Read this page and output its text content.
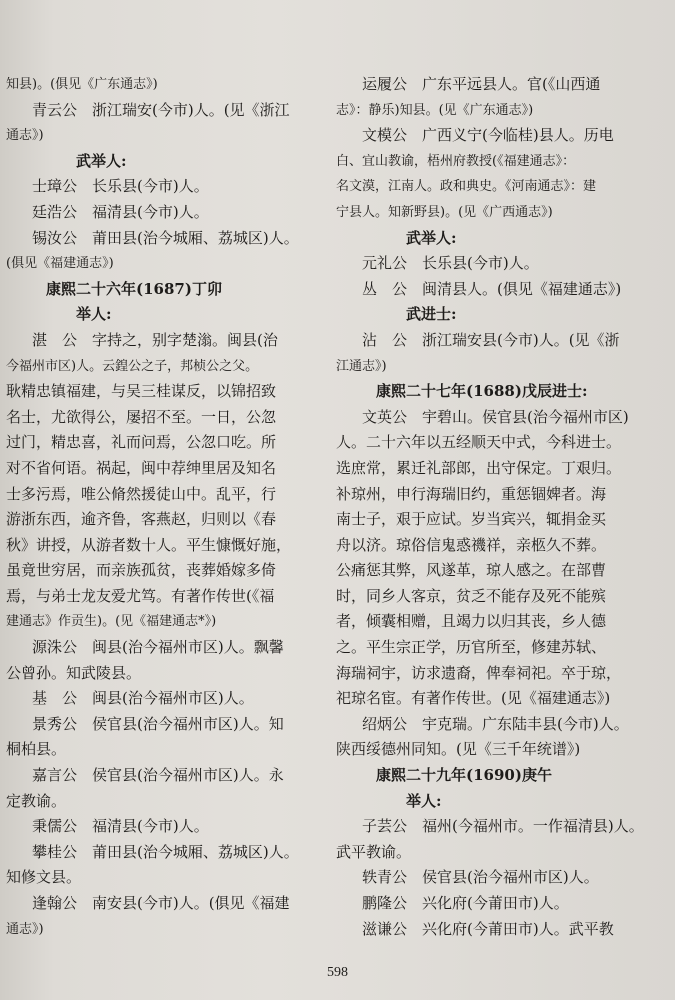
知县)。(俱见《广东通志》)
青云公　浙江瑞安(今市)人。(见《浙江
通志》)
武举人:
士璋公　长乐县(今市)人。
廷浩公　福清县(今市)人。
锡汝公　莆田县(治今城厢、荔城区)人。
(俱见《福建通志》)
康熙二十六年(1687)丁卯
举人:
湛　公　字持之，别字楚滃。闽县(治
今福州市区)人。云鍠公之子，邦桢公之父。
耿精忠镇福建，与吴三桂谋反，以锦招致
名士，尤欲得公，屡招不至。一日，公忽
过门，精忠喜，礼而问焉，公忽口吃。所
对不省何语。祸起，闽中荐绅里居及知名
士多污焉，唯公脩然援徒山中。乱平，行
游浙东西，逾齐鲁，客燕赵，归则以《春
秋》讲授，从游者数十人。平生慷慨好施，
虽竟世穷居，而亲族孤贫，丧葬婚嫁多倚
焉，与弟士龙友爱尤笃。有著作传世(《福
建通志》作贡生)。(见《福建通志*》)
源洙公　闽县(治今福州市区)人。飘馨
公曾孙。知武陵县。
基　公　闽县(治今福州市区)人。
景秀公　侯官县(治今福州市区)人。知
桐柏县。
嘉言公　侯官县(治今福州市区)人。永
定教谕。
秉儒公　福清县(今市)人。
攀桂公　莆田县(治今城厢、荔城区)人。
知修文县。
逢翰公　南安县(今市)人。(俱见《福建
通志》)
运履公　广东平远县人。官(《山西通
志》：静乐)知县。(见《广东通志》)
文模公　广西义宁(今临桂)县人。历电
白、宜山教谕，梧州府教授(《福建通志》：
名文漠，江南人。政和典史。《河南通志》：建
宁县人。知新野县)。(见《广西通志》)
武举人:
元礼公　长乐县(今市)人。
丛　公　闽清县人。(俱见《福建通志》)
武进士:
沾　公　浙江瑞安县(今市)人。(见《浙
江通志》)
康熙二十七年(1688)戊辰进士:
文英公　宇碧山。侯官县(治今福州市区)
人。二十六年以五经顺天中式，今科进士。
选庶常，累迁礼部郎，出守保定。丁艰归。
补琼州，申行海瑞旧约，重惩锢婢者。海
南士子，艰于应试。岁当宾兴，辄捐金买
舟以济。琼俗信鬼惑禨祥，亲柩久不葬。
公痛惩其弊，风遂革，琼人感之。在部曹
时，同乡人客京，贫乏不能存及死不能殡
者，倾囊相赠，且竭力以归其丧，乡人德
之。平生宗正学，历官所至，修建苏轼、
海瑞祠宇，访求遗裔，俾奉祠祀。卒于琼，
祀琼名宦。有著作传世。(见《福建通志》)
绍炳公　宇克瑞。广东陆丰县(今市)人。
陕西绥德州同知。(见《三千年统谱》)
康熙二十九年(1690)庚午
举人:
子芸公　福州(今福州市。一作福清县)人。
武平教谕。
轶青公　侯官县(治今福州市区)人。
鹏隆公　兴化府(今莆田市)人。
滋谦公　兴化府(今莆田市)人。武平教
598
